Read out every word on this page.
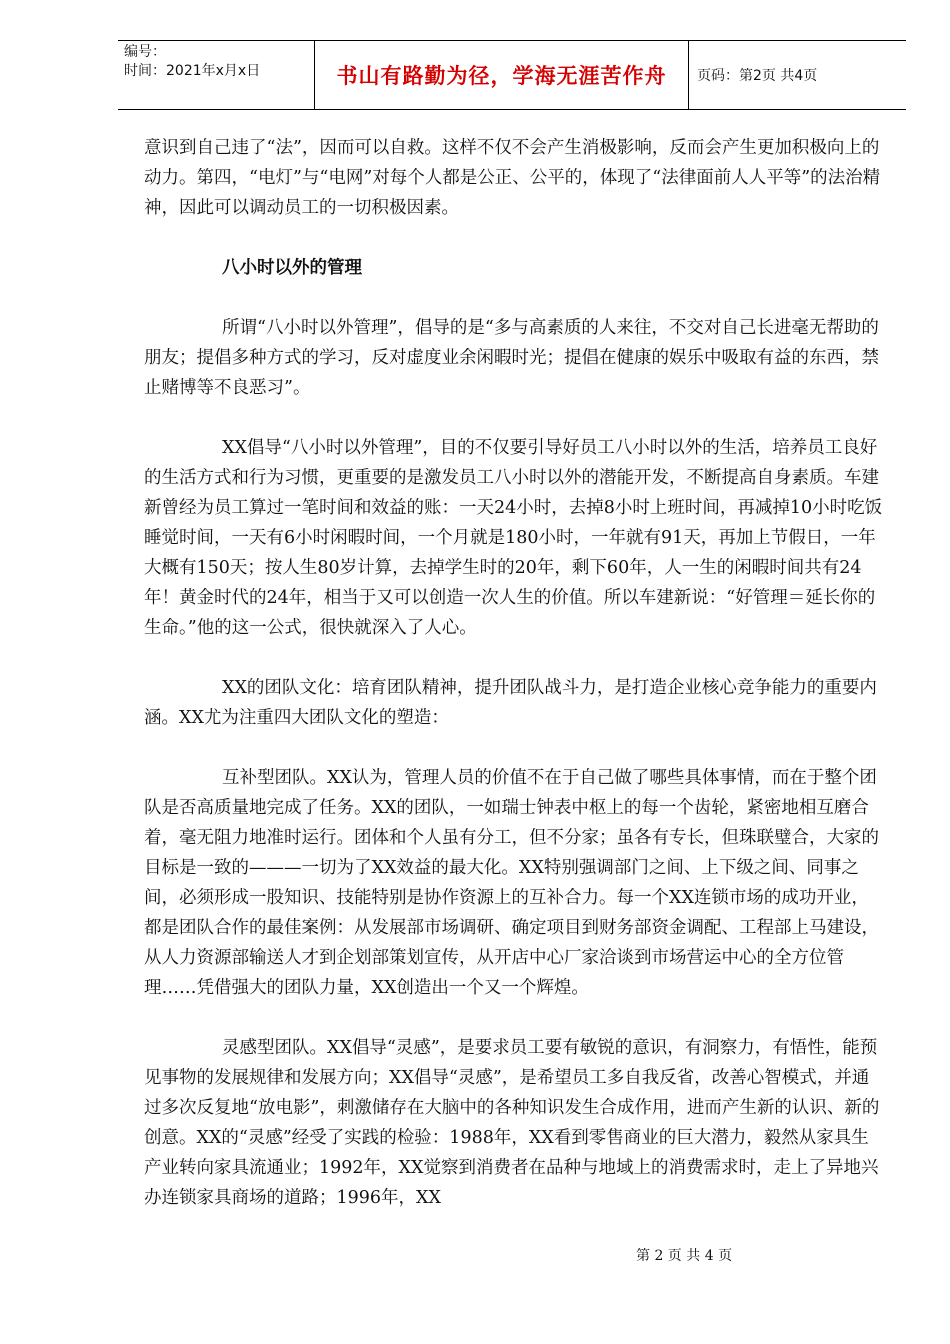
编号：
时间：2021年x月x日	书山有路勤为径，学海无涯苦作舟	页码：第2页 共4页

意识到自己违了“法”，因而可以自救。这样不仅不会产生消极影响，反而会产生更加积极向上的动力。第四，“电灯”与“电网”对每个人都是公正、公平的，体现了“法律面前人人平等”的法治精神，因此可以调动员工的一切积极因素。

八小时以外的管理

所谓“八小时以外管理”，倡导的是“多与高素质的人来往，不交对自己长进毫无帮助的朋友；提倡多种方式的学习，反对虚度业余闲暇时光；提倡在健康的娱乐中吸取有益的东西，禁止赌博等不良恶习”。

XX倡导“八小时以外管理”，目的不仅要引导好员工八小时以外的生活，培养员工良好的生活方式和行为习惯，更重要的是激发员工八小时以外的潜能开发，不断提高自身素质。车建新曾经为员工算过一笔时间和效益的账：一天24小时，去掉8小时上班时间，再减掉10小时吃饭睡觉时间，一天有6小时闲暇时间，一个月就是180小时，一年就有91天，再加上节假日，一年大概有150天；按人生80岁计算，去掉学生时的20年，剩下60年，人一生的闲暇时间共有24年！黄金时代的24年，相当于又可以创造一次人生的价值。所以车建新说：“好管理＝延长你的生命。”他的这一公式，很快就深入了人心。

XX的团队文化：培育团队精神，提升团队战斗力，是打造企业核心竞争能力的重要内涵。XX尤为注重四大团队文化的塑造：

互补型团队。XX认为，管理人员的价值不在于自己做了哪些具体事情，而在于整个团队是否高质量地完成了任务。XX的团队，一如瑞士钟表中枢上的每一个齿轮，紧密地相互磨合着，毫无阻力地准时运行。团体和个人虽有分工，但不分家；虽各有专长，但珠联璧合，大家的目标是一致的———一切为了XX效益的最大化。XX特别强调部门之间、上下级之间、同事之间，必须形成一股知识、技能特别是协作资源上的互补合力。每一个XX连锁市场的成功开业，都是团队合作的最佳案例：从发展部市场调研、确定项目到财务部资金调配、工程部上马建设，从人力资源部输送人才到企划部策划宣传，从开店中心厂家洽谈到市场营运中心的全方位管理……凭借强大的团队力量，XX创造出一个又一个辉煌。

灵感型团队。XX倡导“灵感”，是要求员工要有敏锐的意识，有洞察力，有悟性，能预见事物的发展规律和发展方向；XX倡导“灵感”，是希望员工多自我反省，改善心智模式，并通过多次反复地“放电影”，刺激储存在大脑中的各种知识发生合成作用，进而产生新的认识、新的创意。XX的“灵感”经受了实践的检验：1988年，XX看到零售商业的巨大潜力，毅然从家具生产业转向家具流通业；1992年，XX觉察到消费者在品种与地域上的消费需求时，走上了异地兴办连锁家具商场的道路；1996年，XX

第 2 页 共 4 页
